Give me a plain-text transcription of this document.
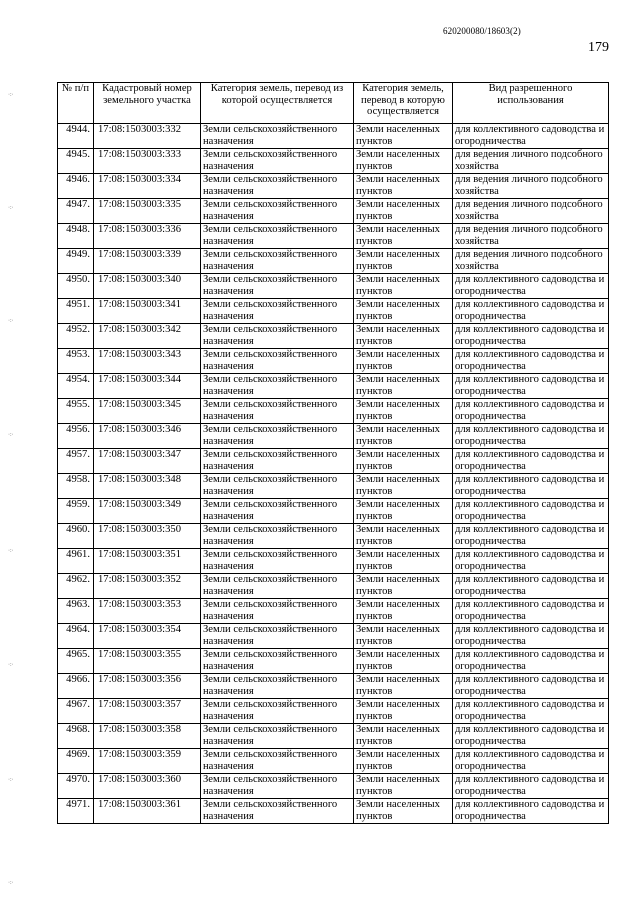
620200080/18603(2)
179
·:·
·:·
·:·
·:·
·:·
·:·
·:·
·:·
№ п/п	Кадастровый номер земельного участка	Категория земель, перевод из которой осуществляется	Категория земель, перевод в которую осуществляется	Вид разрешенного использования
4944.	17:08:1503003:332	Земли сельскохозяйственного назначения	Земли населенных пунктов	для коллективного садоводства и огородничества
4945.	17:08:1503003:333	Земли сельскохозяйственного назначения	Земли населенных пунктов	для ведения личного подсобного хозяйства
4946.	17:08:1503003:334	Земли сельскохозяйственного назначения	Земли населенных пунктов	для ведения личного подсобного хозяйства
4947.	17:08:1503003:335	Земли сельскохозяйственного назначения	Земли населенных пунктов	для ведения личного подсобного хозяйства
4948.	17:08:1503003:336	Земли сельскохозяйственного назначения	Земли населенных пунктов	для ведения личного подсобного хозяйства
4949.	17:08:1503003:339	Земли сельскохозяйственного назначения	Земли населенных пунктов	для ведения личного подсобного хозяйства
4950.	17:08:1503003:340	Земли сельскохозяйственного назначения	Земли населенных пунктов	для коллективного садоводства и огородничества
4951.	17:08:1503003:341	Земли сельскохозяйственного назначения	Земли населенных пунктов	для коллективного садоводства и огородничества
4952.	17:08:1503003:342	Земли сельскохозяйственного назначения	Земли населенных пунктов	для коллективного садоводства и огородничества
4953.	17:08:1503003:343	Земли сельскохозяйственного назначения	Земли населенных пунктов	для коллективного садоводства и огородничества
4954.	17:08:1503003:344	Земли сельскохозяйственного назначения	Земли населенных пунктов	для коллективного садоводства и огородничества
4955.	17:08:1503003:345	Земли сельскохозяйственного назначения	Земли населенных пунктов	для коллективного садоводства и огородничества
4956.	17:08:1503003:346	Земли сельскохозяйственного назначения	Земли населенных пунктов	для коллективного садоводства и огородничества
4957.	17:08:1503003:347	Земли сельскохозяйственного назначения	Земли населенных пунктов	для коллективного садоводства и огородничества
4958.	17:08:1503003:348	Земли сельскохозяйственного назначения	Земли населенных пунктов	для коллективного садоводства и огородничества
4959.	17:08:1503003:349	Земли сельскохозяйственного назначения	Земли населенных пунктов	для коллективного садоводства и огородничества
4960.	17:08:1503003:350	Земли сельскохозяйственного назначения	Земли населенных пунктов	для коллективного садоводства и огородничества
4961.	17:08:1503003:351	Земли сельскохозяйственного назначения	Земли населенных пунктов	для коллективного садоводства и огородничества
4962.	17:08:1503003:352	Земли сельскохозяйственного назначения	Земли населенных пунктов	для коллективного садоводства и огородничества
4963.	17:08:1503003:353	Земли сельскохозяйственного назначения	Земли населенных пунктов	для коллективного садоводства и огородничества
4964.	17:08:1503003:354	Земли сельскохозяйственного назначения	Земли населенных пунктов	для коллективного садоводства и огородничества
4965.	17:08:1503003:355	Земли сельскохозяйственного назначения	Земли населенных пунктов	для коллективного садоводства и огородничества
4966.	17:08:1503003:356	Земли сельскохозяйственного назначения	Земли населенных пунктов	для коллективного садоводства и огородничества
4967.	17:08:1503003:357	Земли сельскохозяйственного назначения	Земли населенных пунктов	для коллективного садоводства и огородничества
4968.	17:08:1503003:358	Земли сельскохозяйственного назначения	Земли населенных пунктов	для коллективного садоводства и огородничества
4969.	17:08:1503003:359	Земли сельскохозяйственного назначения	Земли населенных пунктов	для коллективного садоводства и огородничества
4970.	17:08:1503003:360	Земли сельскохозяйственного назначения	Земли населенных пунктов	для коллективного садоводства и огородничества
4971.	17:08:1503003:361	Земли сельскохозяйственного назначения	Земли населенных пунктов	для коллективного садоводства и огородничества
